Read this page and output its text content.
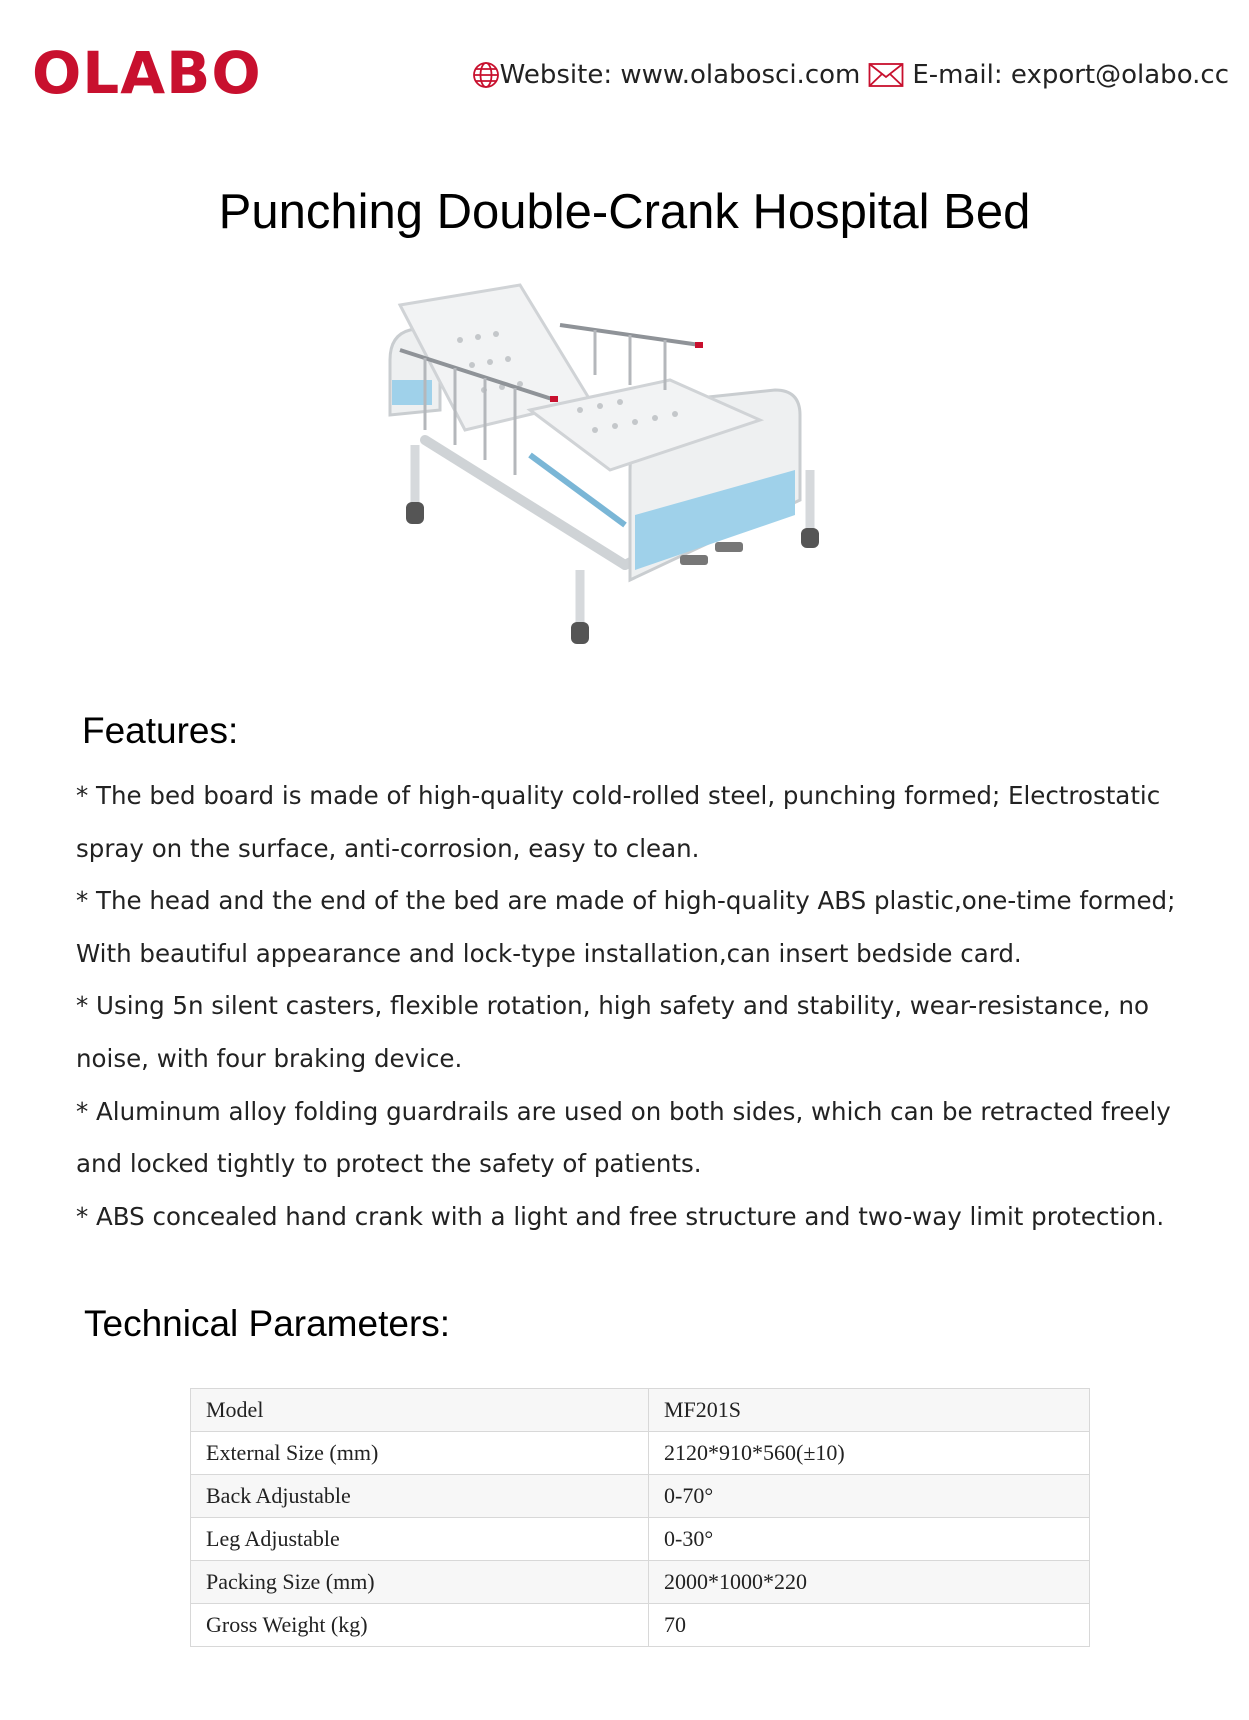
OLABO	Website: www.olabosci.com E-mail: export@olabo.cc
Punching Double-Crank Hospital Bed
Features:

* The bed board is made of high-quality cold-rolled steel, punching formed; Electrostatic spray on the surface, anti-corrosion, easy to clean.

* The head and the end of the bed are made of high-quality ABS plastic,one-time formed; With beautiful appearance and lock-type installation,can insert bedside card.

* Using 5n silent casters, flexible rotation, high safety and stability, wear-resistance, no noise, with four braking device.

* Aluminum alloy folding guardrails are used on both sides, which can be retracted freely and locked tightly to protect the safety of patients.

* ABS concealed hand crank with a light and free structure and two-way limit protection.

Technical Parameters:
Model	MF201S
External Size (mm)	2120*910*560(±10)
Back Adjustable	0-70°
Leg Adjustable	0-30°
Packing Size (mm)	2000*1000*220
Gross Weight (kg)	70
